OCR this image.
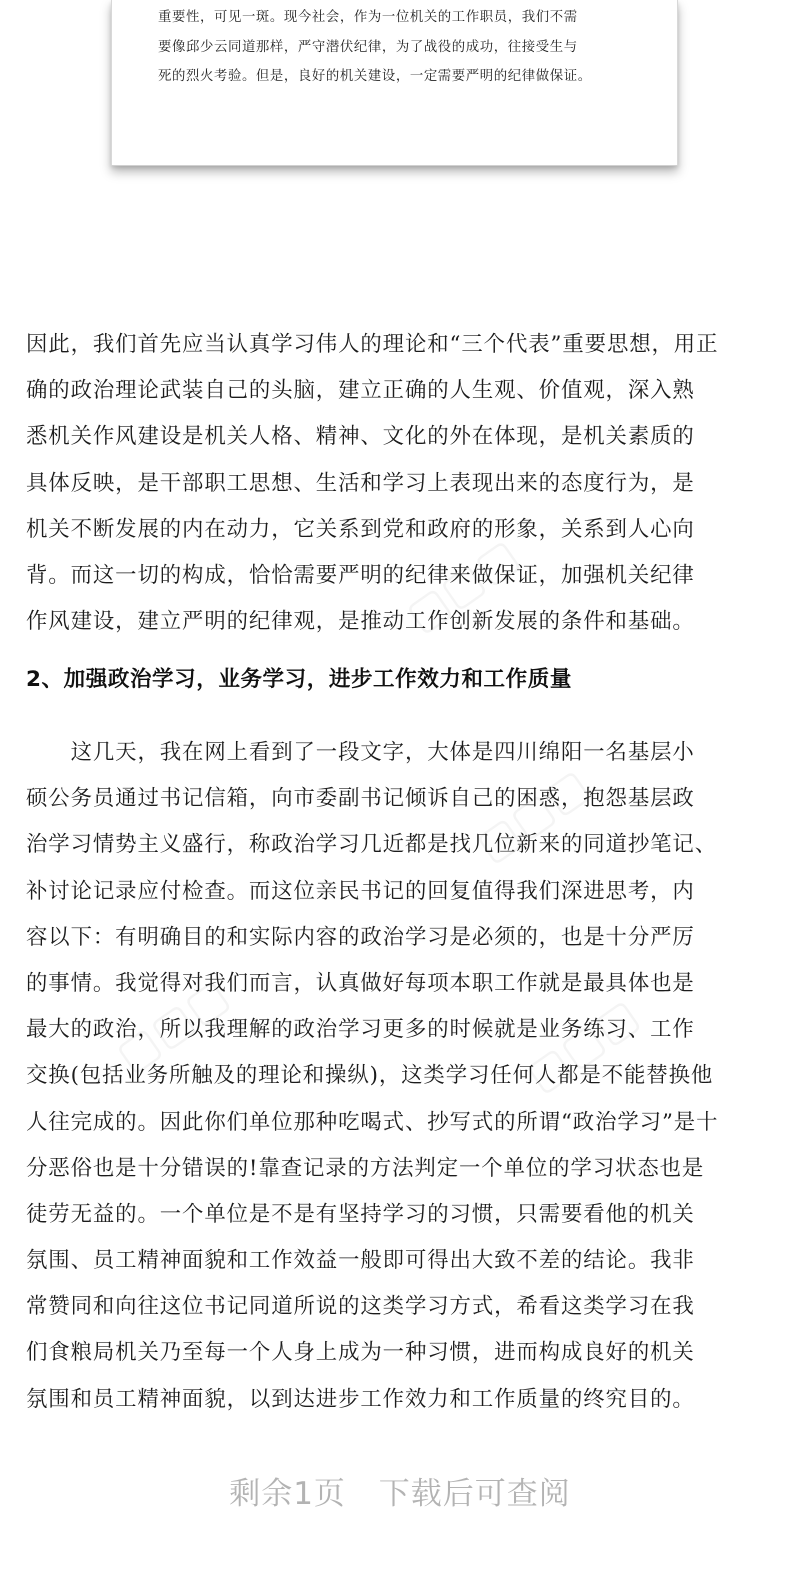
重要性，可见一斑。现今社会，作为一位机关的工作职员，我们不需
要像邱少云同道那样，严守潜伏纪律，为了战役的成功，往接受生与
死的烈火考验。但是，良好的机关建设，一定需要严明的纪律做保证。
因此，我们首先应当认真学习伟人的理论和“三个代表”重要思想，用正
确的政治理论武装自己的头脑，建立正确的人生观、价值观，深入熟
悉机关作风建设是机关人格、精神、文化的外在体现，是机关素质的
具体反映，是干部职工思想、生活和学习上表现出来的态度行为，是
机关不断发展的内在动力，它关系到党和政府的形象，关系到人心向
背。而这一切的构成，恰恰需要严明的纪律来做保证，加强机关纪律
作风建设，建立严明的纪律观，是推动工作创新发展的条件和基础。
2、加强政治学习，业务学习，进步工作效力和工作质量
　　这几天，我在网上看到了一段文字，大体是四川绵阳一名基层小
硕公务员通过书记信箱，向市委副书记倾诉自己的困惑，抱怨基层政
治学习情势主义盛行，称政治学习几近都是找几位新来的同道抄笔记、
补讨论记录应付检查。而这位亲民书记的回复值得我们深进思考，内
容以下：有明确目的和实际内容的政治学习是必须的，也是十分严厉
的事情。我觉得对我们而言，认真做好每项本职工作就是最具体也是
最大的政治，所以我理解的政治学习更多的时候就是业务练习、工作
交换(包括业务所触及的理论和操纵)，这类学习任何人都是不能替换他
人往完成的。因此你们单位那种吃喝式、抄写式的所谓“政治学习”是十
分恶俗也是十分错误的!靠查记录的方法判定一个单位的学习状态也是
徒劳无益的。一个单位是不是有坚持学习的习惯，只需要看他的机关
氛围、员工精神面貌和工作效益一般即可得出大致不差的结论。我非
常赞同和向往这位书记同道所说的这类学习方式，希看这类学习在我
们食粮局机关乃至每一个人身上成为一种习惯，进而构成良好的机关
氛围和员工精神面貌，以到达进步工作效力和工作质量的终究目的。
剩余1页 下载后可查阅
